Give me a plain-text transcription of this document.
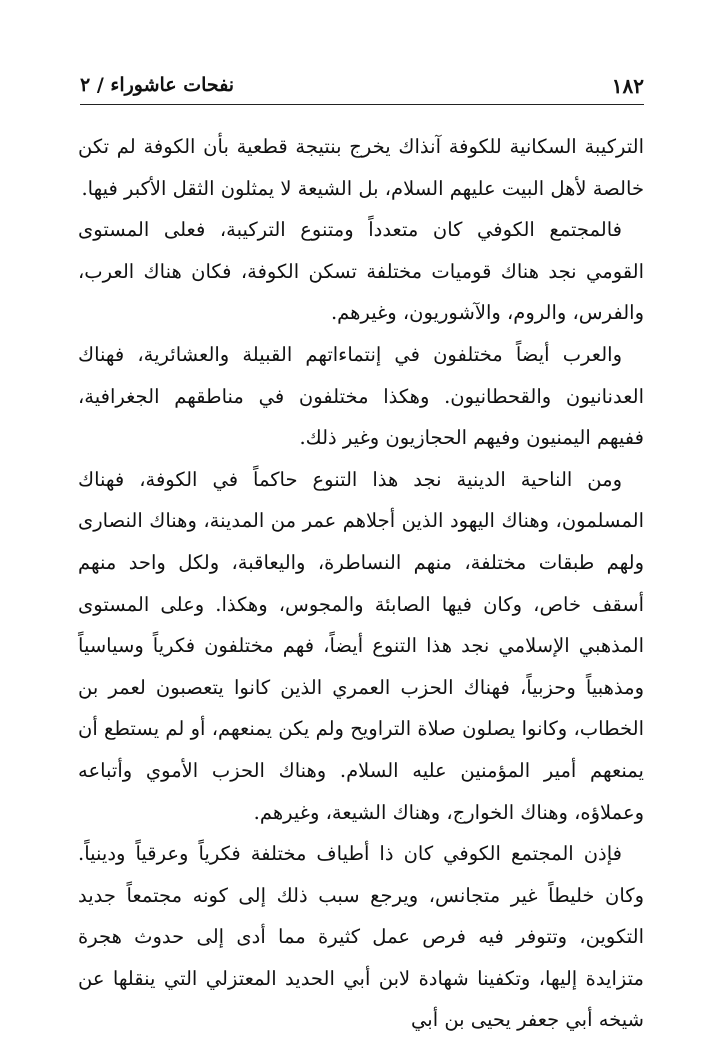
١٨٢
نفحات عاشوراء / ٢

التركيبة السكانية للكوفة آنذاك يخرج بنتيجة قطعية بأن الكوفة لم تكن خالصة لأهل البيت عليهم السلام، بل الشيعة لا يمثلون الثقل الأكبر فيها.

فالمجتمع الكوفي كان متعدداً ومتنوع التركيبة، فعلى المستوى القومي نجد هناك قوميات مختلفة تسكن الكوفة، فكان هناك العرب، والفرس، والروم، والآشوريون، وغيرهم.

والعرب أيضاً مختلفون في إنتماءاتهم القبيلة والعشائرية، فهناك العدنانيون والقحطانيون. وهكذا مختلفون في مناطقهم الجغرافية، ففيهم اليمنيون وفيهم الحجازيون وغير ذلك.

ومن الناحية الدينية نجد هذا التنوع حاكماً في الكوفة، فهناك المسلمون، وهناك اليهود الذين أجلاهم عمر من المدينة، وهناك النصارى ولهم طبقات مختلفة، منهم النساطرة، واليعاقبة، ولكل واحد منهم أسقف خاص، وكان فيها الصابئة والمجوس، وهكذا. وعلى المستوى المذهبي الإسلامي نجد هذا التنوع أيضاً، فهم مختلفون فكرياً وسياسياً ومذهبياً وحزبياً، فهناك الحزب العمري الذين كانوا يتعصبون لعمر بن الخطاب، وكانوا يصلون صلاة التراويح ولم يكن يمنعهم، أو لم يستطع أن يمنعهم أمير المؤمنين عليه السلام. وهناك الحزب الأموي وأتباعه وعملاؤه، وهناك الخوارج، وهناك الشيعة، وغيرهم.

فإذن المجتمع الكوفي كان ذا أطياف مختلفة فكرياً وعرقياً ودينياً. وكان خليطاً غير متجانس، ويرجع سبب ذلك إلى كونه مجتمعاً جديد التكوين، وتتوفر فيه فرص عمل كثيرة مما أدى إلى حدوث هجرة متزايدة إليها، وتكفينا شهادة لابن أبي الحديد المعتزلي التي ينقلها عن شيخه أبي جعفر يحيى بن أبي
